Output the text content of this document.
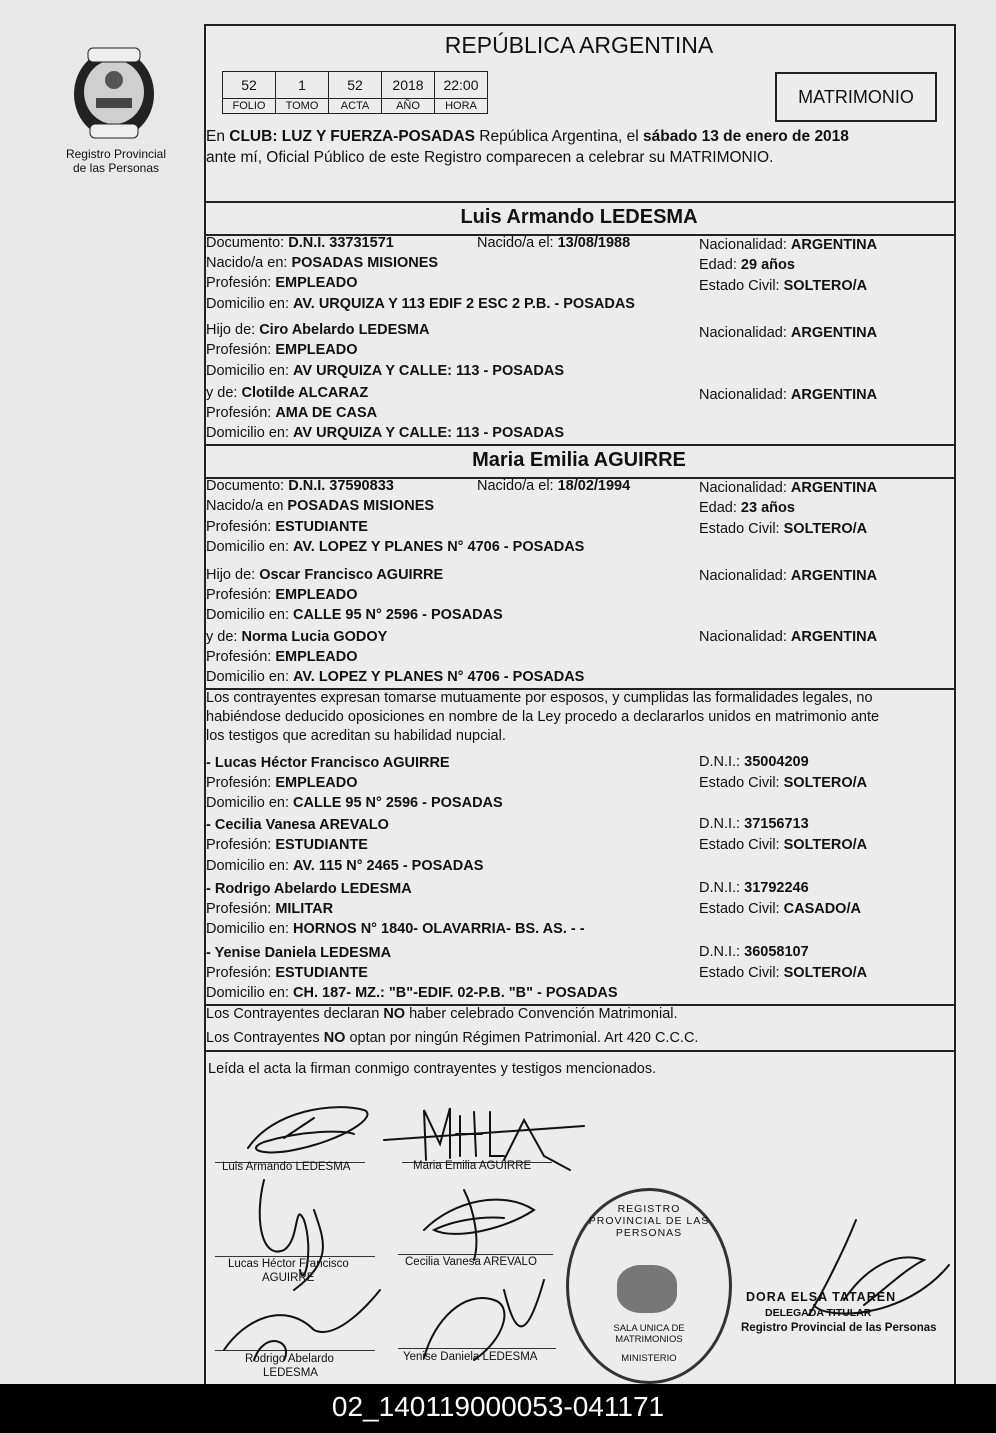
Registro Provincial
de las Personas
REPÚBLICA ARGENTINA
52	1	52	2018	22:00
FOLIO	TOMO	ACTA	AÑO	HORA	MATRIMONIO
En CLUB: LUZ Y FUERZA-POSADAS República Argentina, el sábado 13 de enero de 2018
ante mí, Oficial Público de este Registro comparecen a celebrar su MATRIMONIO.
Luis Armando LEDESMA
Documento: D.N.I. 33731571	Nacido/a el: 13/08/1988	Nacionalidad: ARGENTINA
Nacido/a en: POSADAS MISIONES	Edad: 29 años
Profesión: EMPLEADO	Estado Civil: SOLTERO/A
Domicilio en: AV. URQUIZA Y 113 EDIF 2 ESC 2 P.B. - POSADAS
Hijo de: Ciro Abelardo LEDESMA	Nacionalidad: ARGENTINA
Profesión: EMPLEADO
Domicilio en: AV URQUIZA Y CALLE: 113 - POSADAS
y de: Clotilde ALCARAZ	Nacionalidad: ARGENTINA
Profesión: AMA DE CASA
Domicilio en: AV URQUIZA Y CALLE: 113 - POSADAS
Maria Emilia AGUIRRE
Documento: D.N.I. 37590833	Nacido/a el: 18/02/1994	Nacionalidad: ARGENTINA
Nacido/a en POSADAS MISIONES	Edad: 23 años
Profesión: ESTUDIANTE	Estado Civil: SOLTERO/A
Domicilio en: AV. LOPEZ Y PLANES N° 4706 - POSADAS
Hijo de: Oscar Francisco AGUIRRE	Nacionalidad: ARGENTINA
Profesión: EMPLEADO
Domicilio en: CALLE 95 N° 2596 - POSADAS
y de: Norma Lucia GODOY	Nacionalidad: ARGENTINA
Profesión: EMPLEADO
Domicilio en: AV. LOPEZ Y PLANES N° 4706 - POSADAS
Los contrayentes expresan tomarse mutuamente por esposos, y cumplidas las formalidades legales, no
habiéndose deducido oposiciones en nombre de la Ley procedo a declararlos unidos en matrimonio ante
los testigos que acreditan su habilidad nupcial.
- Lucas Héctor Francisco AGUIRRE	D.N.I.: 35004209
Profesión: EMPLEADO	Estado Civil: SOLTERO/A
Domicilio en: CALLE 95 N° 2596 - POSADAS
- Cecilia Vanesa AREVALO	D.N.I.: 37156713
Profesión: ESTUDIANTE	Estado Civil: SOLTERO/A
Domicilio en: AV. 115 N° 2465 - POSADAS
- Rodrigo Abelardo LEDESMA	D.N.I.: 31792246
Profesión: MILITAR	Estado Civil: CASADO/A
Domicilio en: HORNOS N° 1840- OLAVARRIA- BS. AS. - -
- Yenise Daniela LEDESMA	D.N.I.: 36058107
Profesión: ESTUDIANTE	Estado Civil: SOLTERO/A
Domicilio en: CH. 187- MZ.: "B"-EDIF. 02-P.B. "B" - POSADAS
Los Contrayentes declaran NO haber celebrado Convención Matrimonial.
Los Contrayentes NO optan por ningún Régimen Patrimonial. Art 420 C.C.C.
Leída el acta la firman conmigo contrayentes y testigos mencionados.
Luis Armando LEDESMA	Maria Emilia AGUIRRE
Lucas Héctor Francisco
AGUIRRE
Cecilia Vanesa AREVALO
Rodrigo Abelardo
LEDESMA
Yenise Daniela LEDESMA
REGISTRO PROVINCIAL DE LAS PERSONAS
SALA UNICA DE MATRIMONIOS
MINISTERIO
DORA ELSA TATAREN
DELEGADA TITULAR
Registro Provincial de las Personas
02_140119000053-041171
